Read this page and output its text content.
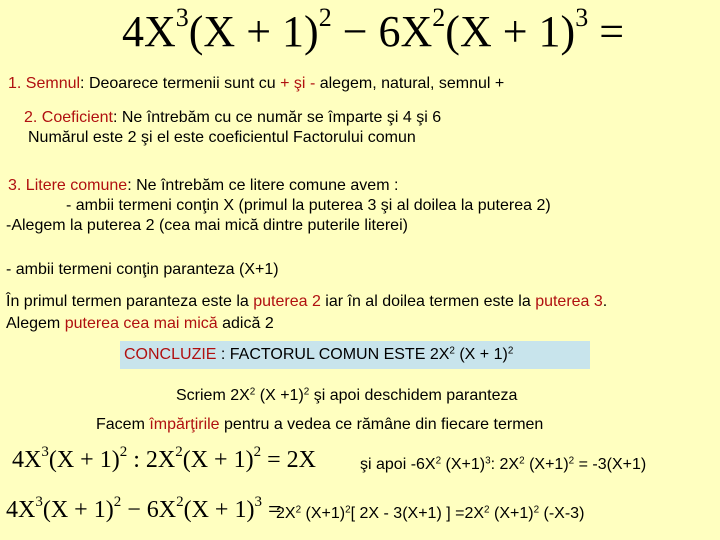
$4X^3(X + 1)^2 - 6X^2(X + 1)^3$ =
1. Semnul: Deoarece termenii sunt cu + şi - alegem, natural, semnul +
2. Coeficient: Ne întrebăm cu ce număr se împarte şi 4 şi 6
Numărul este 2 şi el este coeficientul Factorului comun
3. Litere comune: Ne întrebăm ce litere comune avem :
- ambii termeni conţin X (primul la puterea 3 şi al doilea la puterea 2)
-Alegem la puterea 2 (cea mai mică dintre puterile literei)
- ambii termeni conţin paranteza (X+1)
În primul termen paranteza este la puterea 2 iar în al doilea termen este la puterea 3.
Alegem puterea cea mai mică adică 2
CONCLUZIE : FACTORUL COMUN ESTE $2X^2$ $(X + 1)^2$
Scriem $2X^2$ $(X +1)^2$ şi apoi deschidem paranteza
Facem împărţirile pentru a vedea ce rămâne din fiecare termen
$4X^3(X + 1)^2$ : $2X^2(X + 1)^2 = 2X$	şi apoi $-6X^2$ $(X+1)^3$: $2X^2$ $(X+1)^2 = -3(X+1)$
$4X^3(X + 1)^2 - 6X^2(X + 1)^3$ =
$2X^2$ $(X+1)^2$[ 2X - 3(X+1) ] $=2X^2$ $(X+1)^2$ (-X-3)
